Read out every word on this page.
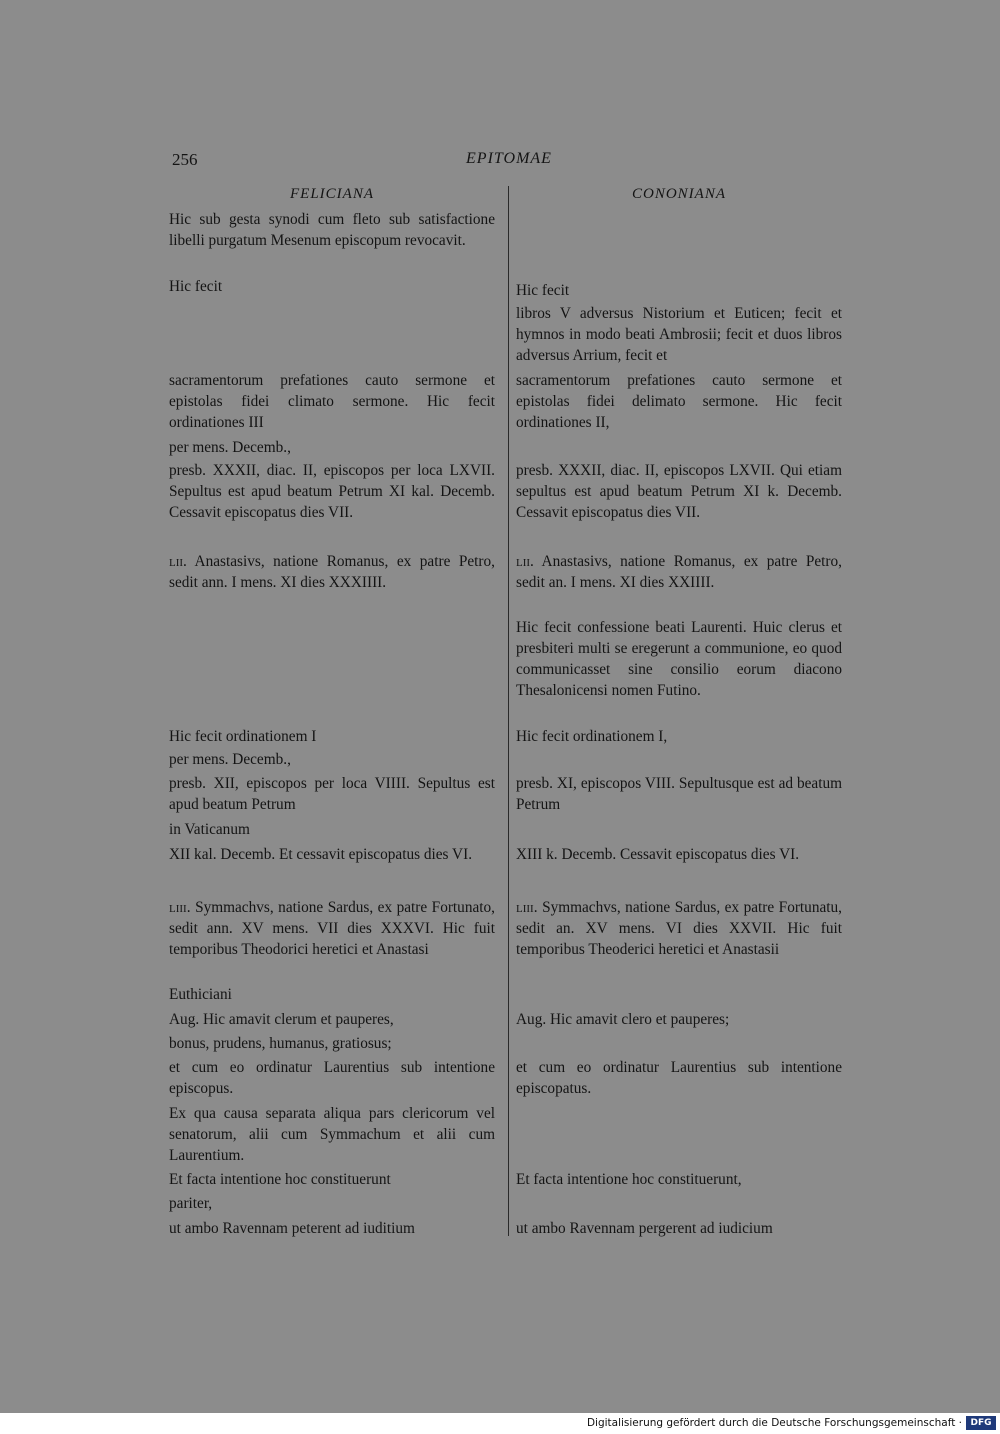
256	EPITOMAE
FELICIANA	CONONIANA
Hic sub gesta synodi cum fleto sub satisfactione libelli purgatum Mesenum episcopum revocavit.
Hic fecit
sacramentorum prefationes cauto sermone et epistolas fidei climato sermone. Hic fecit ordinationes III
per mens. Decemb.,
presb. XXXII, diac. II, episcopos per loca LXVII. Sepultus est apud beatum Petrum XI kal. Decemb. Cessavit episcopatus dies VII.
lii. Anastasivs, natione Romanus, ex patre Petro, sedit ann. I mens. XI dies XXXIIII.
Hic fecit ordinationem I
per mens. Decemb.,
presb. XII, episcopos per loca VIIII. Sepultus est apud beatum Petrum
in Vaticanum
XII kal. Decemb. Et cessavit episcopatus dies VI.
liii. Symmachvs, natione Sardus, ex patre Fortunato, sedit ann. XV mens. VII dies XXXVI. Hic fuit temporibus Theodorici heretici et Anastasi
Euthiciani
Aug. Hic amavit clerum et pauperes,
bonus, prudens, humanus, gratiosus;
et cum eo ordinatur Laurentius sub intentione episcopus.
Ex qua causa separata aliqua pars clericorum vel senatorum, alii cum Symmachum et alii cum Laurentium.
Et facta intentione hoc constituerunt
pariter,
ut ambo Ravennam peterent ad iuditium
Hic fecit
libros V adversus Nistorium et Euticen; fecit et hymnos in modo beati Ambrosii; fecit et duos libros adversus Arrium, fecit et
sacramentorum prefationes cauto sermone et epistolas fidei delimato sermone. Hic fecit ordinationes II,
presb. XXXII, diac. II, episcopos LXVII. Qui etiam sepultus est apud beatum Petrum XI k. Decemb. Cessavit episcopatus dies VII.
lii. Anastasivs, natione Romanus, ex patre Petro, sedit an. I mens. XI dies XXIIII.
Hic fecit confessione beati Laurenti. Huic clerus et presbiteri multi se eregerunt a communione, eo quod communicasset sine consilio eorum diacono Thesalonicensi nomen Futino.
Hic fecit ordinationem I,
presb. XI, episcopos VIII. Sepultusque est ad beatum Petrum
XIII k. Decemb. Cessavit episcopatus dies VI.
liii. Symmachvs, natione Sardus, ex patre Fortunatu, sedit an. XV mens. VI dies XXVII. Hic fuit temporibus Theoderici heretici et Anastasii
Aug. Hic amavit clero et pauperes;
et cum eo ordinatur Laurentius sub intentione episcopatus.
Et facta intentione hoc constituerunt,
ut ambo Ravennam pergerent ad iudicium
Digitalisierung gefördert durch die Deutsche Forschungsgemeinschaft · DFG
